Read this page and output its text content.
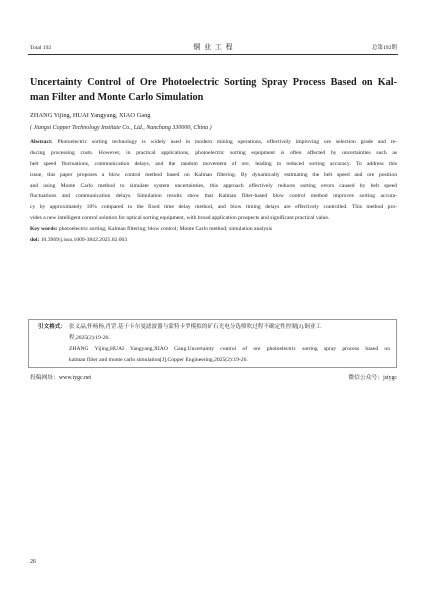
Total 192	铜 业 工 程	总第192期
Uncertainty Control of Ore Photoelectric Sorting Spray Process Based on Kal-
man Filter and Monte Carlo Simulation
ZHANG Yijing, HUAI Yangyang, XIAO Gang
( Jiangxi Copper Technology Institute Co., Ltd., Nanchang 330000, China )
Abstract: Photoelectric sorting technology is widely used in modern mining operations, effectively improving ore selection grade and re-
ducing processing costs. However, in practical applications, photoelectric sorting equipment is often affected by uncertainties such as
belt speed fluctuations, communication delays, and the random movement of ore, leading to reduced sorting accuracy. To address this
issue, this paper proposes a blow control method based on Kalman filtering. By dynamically estimating the belt speed and ore position
and using Monte Carlo method to simulate system uncertainties, this approach effectively reduces sorting errors caused by belt speed
fluctuations and communication delays. Simulation results show that Kalman filter-based blow control method improves sorting accura-
cy by approximately 10% compared to the fixed time delay method, and blow timing delays are effectively controlled. This method pro-
vides a new intelligent control solution for optical sorting equipment, with broad application prospects and significant practical value.
Key words: photoelectric sorting; Kalman filtering; blow control; Monte Carlo method; simulation analysis
doi: 10.3969/j.issn.1009-3842.2025.02.003
引文格式： 张义晶,怀杨杨,肖罡.基于卡尔曼滤波器与蒙特卡罗模拟的矿石光电分选喷吹过程不确定性控制[J].铜业工
程,2025(2):19-26.
ZHANG Yijing,HUAI Yangyang,XIAO Gang.Uncertainty control of ore photoelectric sorting spray process based on
kalman filter and monte carlo simulation[J].Copper Engineering,2025(2):19-26.
投稿网址：www.tygc.net	微信公众号：jstygc
26
